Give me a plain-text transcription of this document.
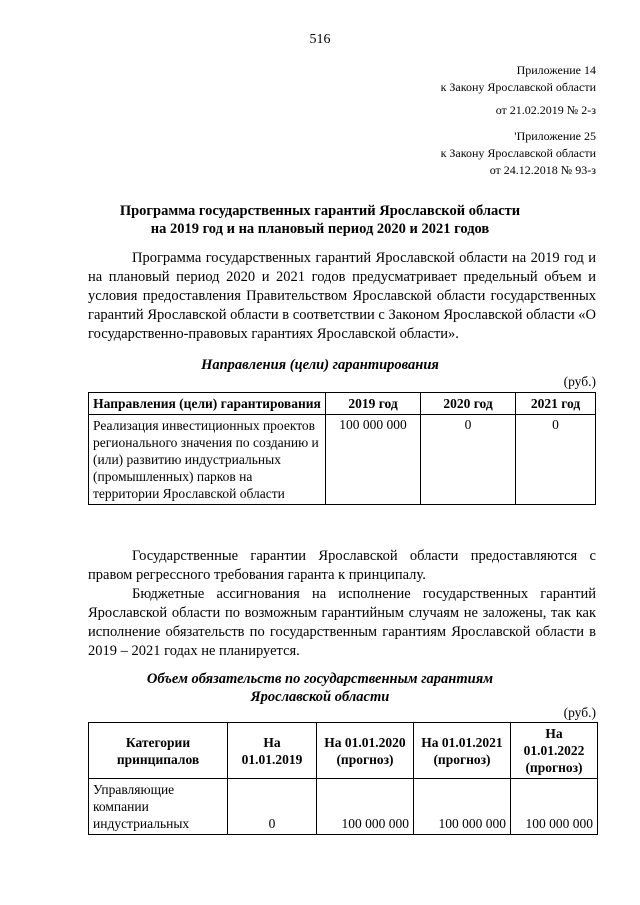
516
Приложение 14
к Закону Ярославской области
от 21.02.2019 № 2-з
'Приложение 25
к Закону Ярославской области
от 24.12.2018 № 93-з
Программа государственных гарантий Ярославской области
на 2019 год и на плановый период 2020 и 2021 годов
Программа государственных гарантий Ярославской области на 2019 год и на плановый период 2020 и 2021 годов предусматривает предельный объем и условия предоставления Правительством Ярославской области государственных гарантий Ярославской области в соответствии с Законом Ярославской области «О государственно-правовых гарантиях Ярославской области».
Направления (цели) гарантирования
(руб.)
Направления (цели) гарантирования	2019 год	2020 год	2021 год
Реализация инвестиционных проектов регионального значения по созданию и (или) развитию индустриальных (промышленных) парков на территории Ярославской области	100 000 000	0	0
Государственные гарантии Ярославской области предоставляются с правом регрессного требования гаранта к принципалу.
Бюджетные ассигнования на исполнение государственных гарантий Ярославской области по возможным гарантийным случаям не заложены, так как исполнение обязательств по государственным гарантиям Ярославской области в 2019 – 2021 годах не планируется.
Объем обязательств по государственным гарантиям
Ярославской области
(руб.)
Категории принципалов	На 01.01.2019	На 01.01.2020 (прогноз)	На 01.01.2021 (прогноз)	На 01.01.2022 (прогноз)
Управляющие компании индустриальных	0	100 000 000	100 000 000	100 000 000
